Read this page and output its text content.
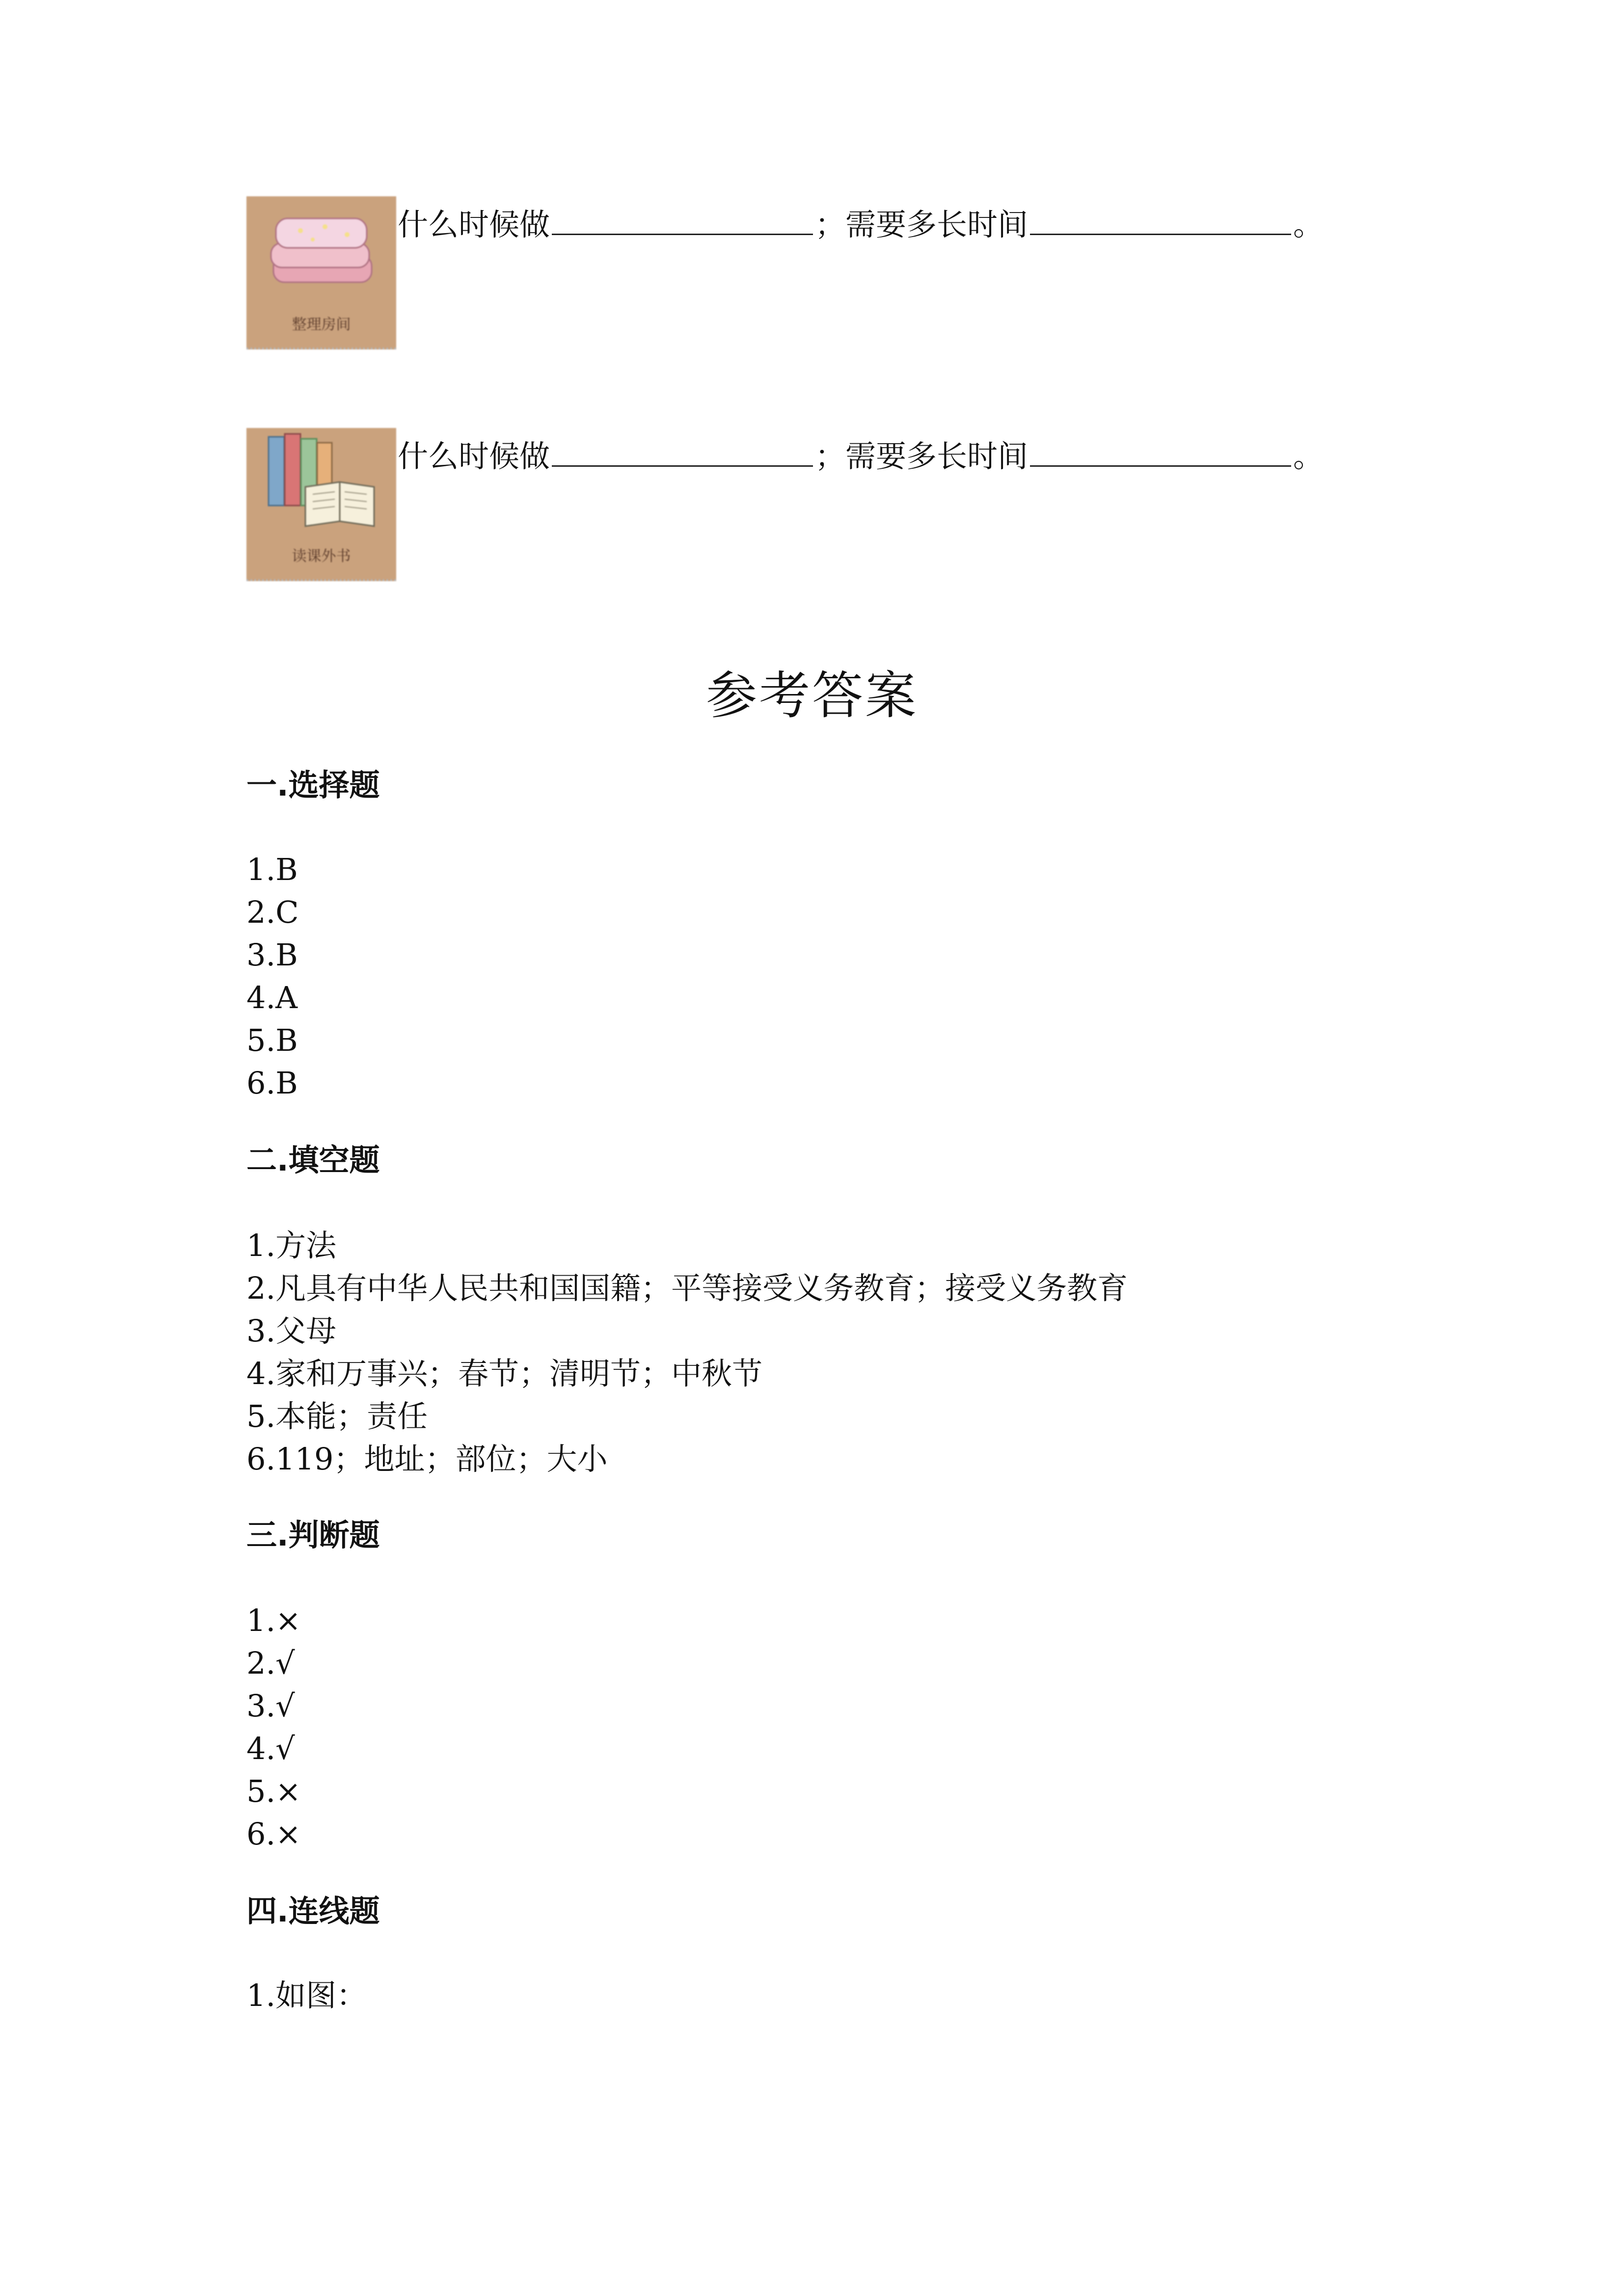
整理房间
什么时候做	；需要多长时间	。
读课外书
什么时候做	；需要多长时间	。
参考答案
一.选择题
1.B
2.C
3.B
4.A
5.B
6.B
二.填空题
1.方法
2.凡具有中华人民共和国国籍；平等接受义务教育；接受义务教育
3.父母
4.家和万事兴；春节；清明节；中秋节
5.本能；责任
6.119；地址；部位；大小
三.判断题
1.×
2.√
3.√
4.√
5.×
6.×
四.连线题
1.如图：
